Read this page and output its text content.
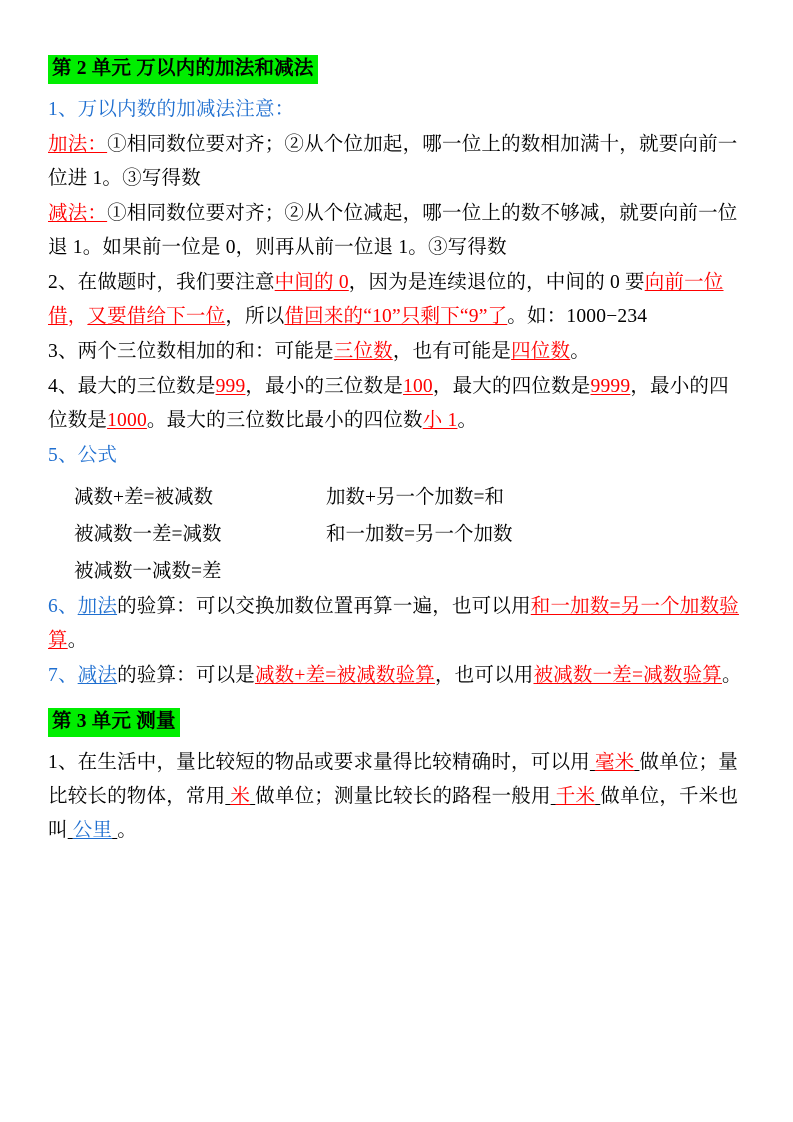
第 2 单元 万以内的加法和减法
1、万以内数的加减法注意：
加法：①相同数位要对齐；②从个位加起，哪一位上的数相加满十，就要向前一位进 1。③写得数
减法：①相同数位要对齐；②从个位减起，哪一位上的数不够减，就要向前一位退 1。如果前一位是 0，则再从前一位退 1。③写得数
2、在做题时，我们要注意中间的 0，因为是连续退位的，中间的 0 要向前一位借，又要借给下一位，所以借回来的“10”只剩下“9”了。如：1000−234
3、两个三位数相加的和：可能是三位数，也有可能是四位数。
4、最大的三位数是999，最小的三位数是100，最大的四位数是9999，最小的四位数是1000。最大的三位数比最小的四位数小 1。
5、公式
减数+差=被减数	加数+另一个加数=和
被减数一差=减数	和一加数=另一个加数
被减数一减数=差
6、加法的验算：可以交换加数位置再算一遍，也可以用和一加数=另一个加数验算。
7、减法的验算：可以是减数+差=被减数验算，也可以用被减数一差=减数验算。
第 3 单元 测量
1、在生活中，量比较短的物品或要求量得比较精确时，可以用 毫米 做单位；量比较长的物体，常用 米 做单位；测量比较长的路程一般用 千米 做单位，千米也叫 公里 。
